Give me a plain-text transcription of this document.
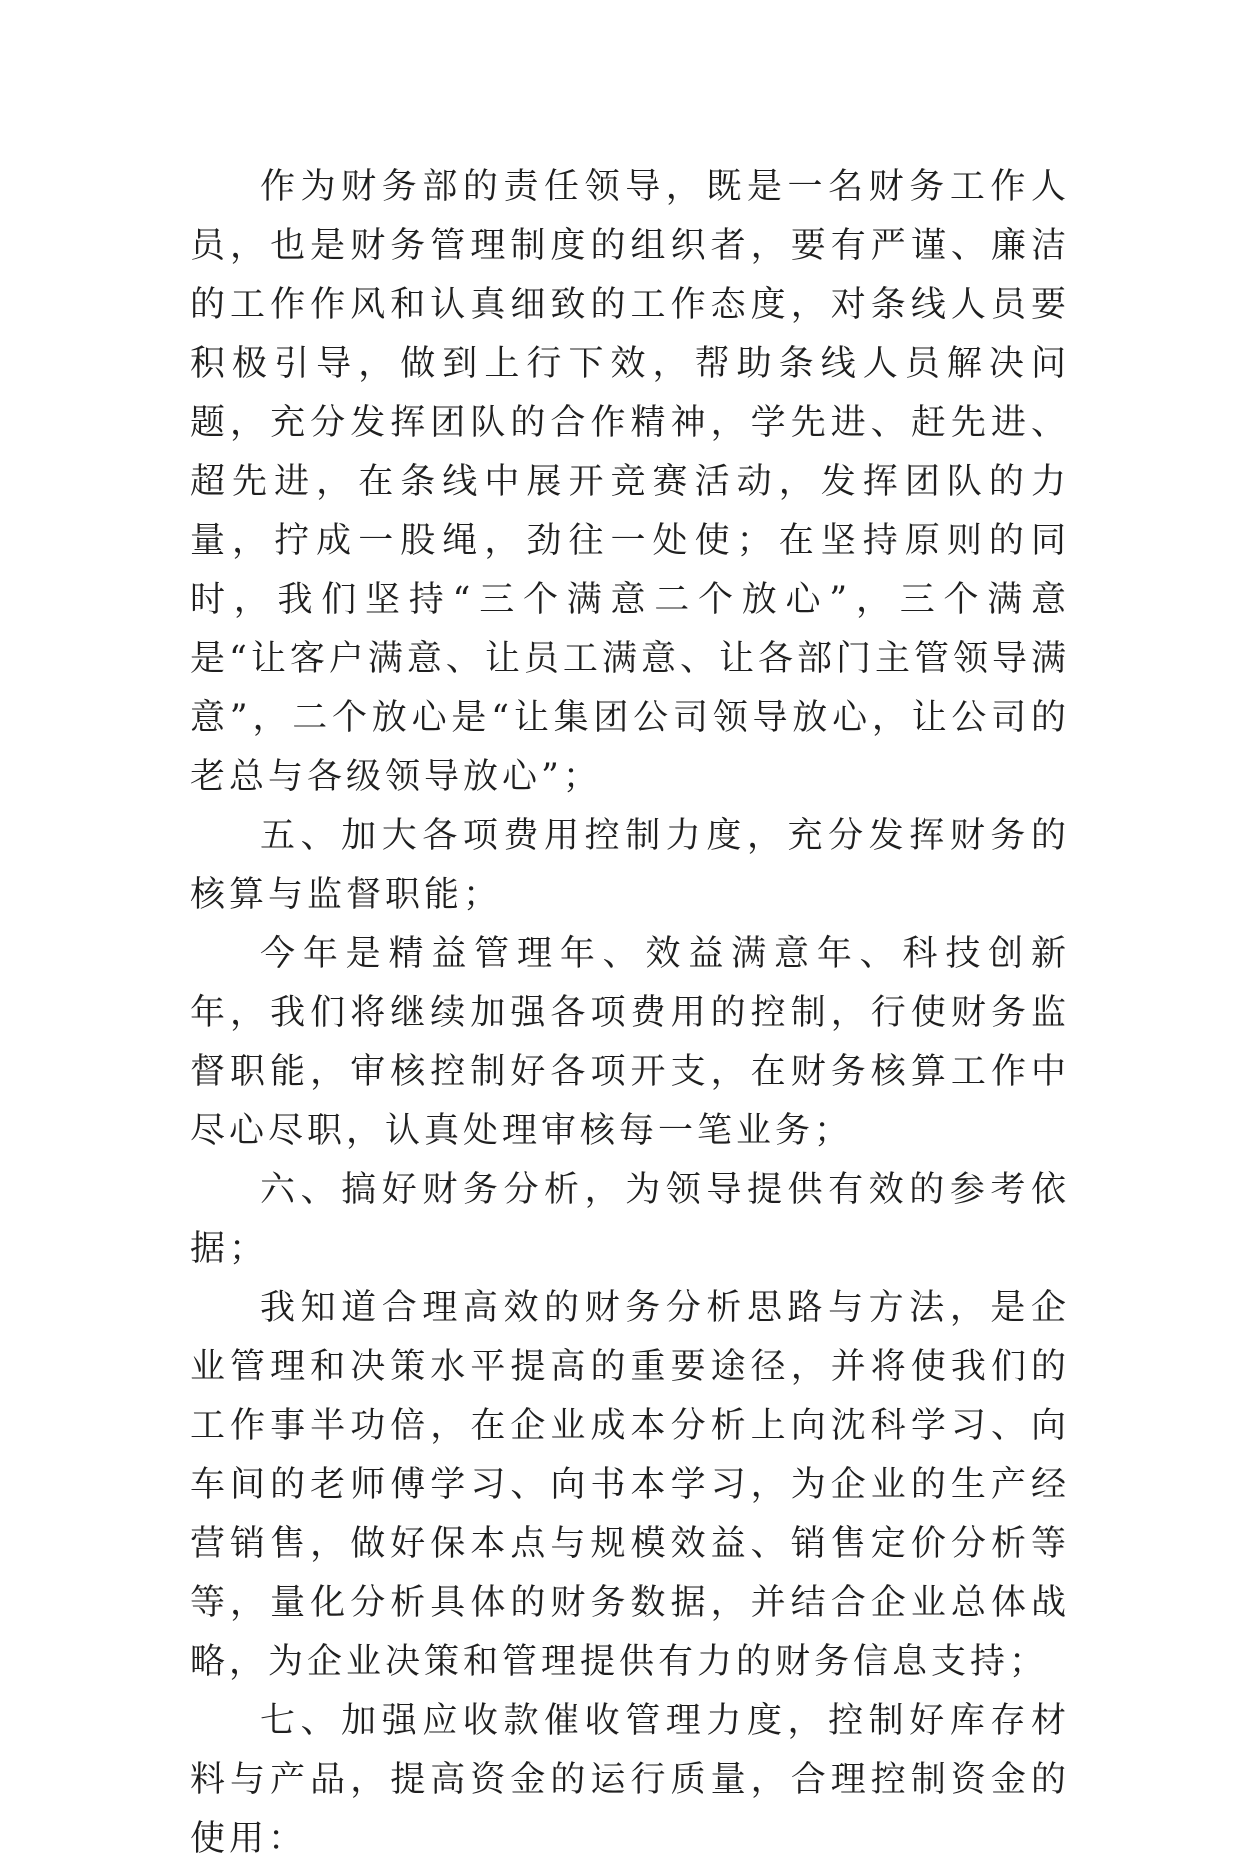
作为财务部的责任领导，既是一名财务工作人员，也是财务管理制度的组织者，要有严谨、廉洁的工作作风和认真细致的工作态度，对条线人员要积极引导，做到上行下效，帮助条线人员解决问题，充分发挥团队的合作精神，学先进、赶先进、超先进，在条线中展开竞赛活动，发挥团队的力量，拧成一股绳，劲往一处使；在坚持原则的同时，我们坚持“三个满意二个放心”，三个满意是“让客户满意、让员工满意、让各部门主管领导满意”，二个放心是“让集团公司领导放心，让公司的老总与各级领导放心”；

五、加大各项费用控制力度，充分发挥财务的核算与监督职能；

今年是精益管理年、效益满意年、科技创新年，我们将继续加强各项费用的控制，行使财务监督职能，审核控制好各项开支，在财务核算工作中尽心尽职，认真处理审核每一笔业务；

六、搞好财务分析，为领导提供有效的参考依据；

我知道合理高效的财务分析思路与方法，是企业管理和决策水平提高的重要途径，并将使我们的工作事半功倍，在企业成本分析上向沈科学习、向车间的老师傅学习、向书本学习，为企业的生产经营销售，做好保本点与规模效益、销售定价分析等等，量化分析具体的财务数据，并结合企业总体战略，为企业决策和管理提供有力的财务信息支持；

七、加强应收款催收管理力度，控制好库存材料与产品，提高资金的运行质量，合理控制资金的使用：
